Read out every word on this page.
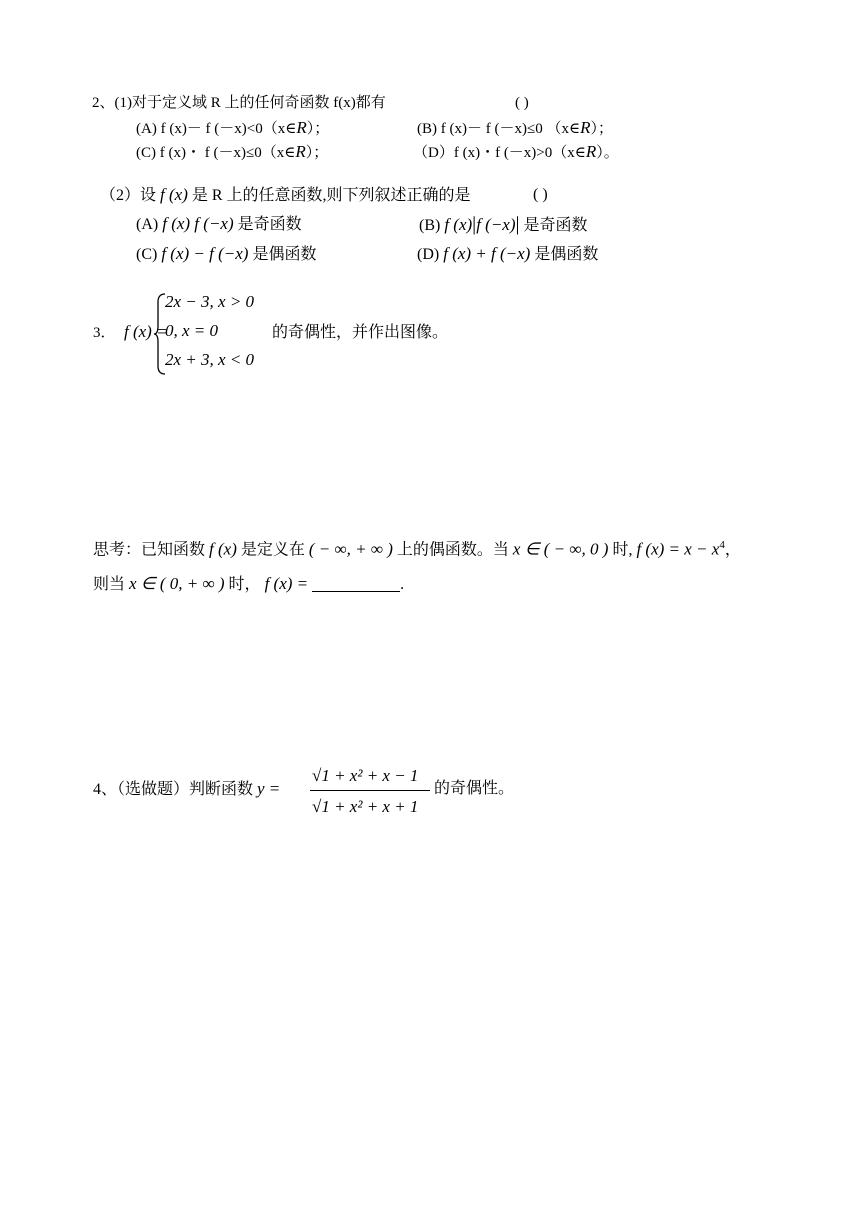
2、(1)对于定义域 R 上的任何奇函数 f(x)都有	( )
(A) f (x)－ f (－x)<0（x∈R）；	(B) f (x)－ f (－x)≤0 （x∈R）；
(C) f (x)・ f (－x)≤0（x∈R）；	（D）f (x)・f (－x)>0（x∈R）。
（2）设 f (x) 是 R 上的任意函数,则下列叙述正确的是	( )
(A) f (x) f (−x) 是奇函数	(B) f (x)|f (−x)| 是奇函数
(C) f (x) − f (−x) 是偶函数	(D) f (x) + f (−x) 是偶函数
3． f (x) =
2x − 3, x > 0
0, x = 0
2x + 3, x < 0
的奇偶性，并作出图像。
思考：已知函数 f (x) 是定义在 ( − ∞, + ∞ ) 上的偶函数。当 x ∈ ( − ∞, 0 ) 时, f $(x) = x - x^4$，
则当 x ∈ ( 0, + ∞ ) 时， f (x) =	.
4、（选做题）判断函数 y =
√1 + x² + x − 1
√1 + x² + x + 1
的奇偶性。
